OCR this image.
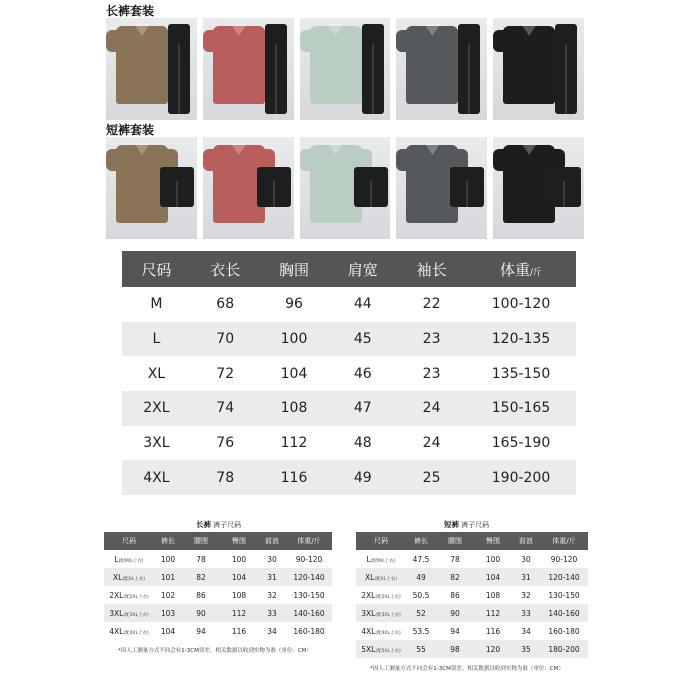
长裤套装
短裤套装
尺码	衣长	胸围	肩宽	袖长	体重/斤
M	68	96	44	22	100-120
L	70	100	45	23	120-135
XL	72	104	46	23	135-150
2XL	74	108	47	24	150-165
3XL	76	112	48	24	165-190
4XL	78	116	49	25	190-200
长裤 裤子尺码
尺码	裤长	腰围	臀围	前浪	体重/斤
L(配M/L上衣)	100	78	100	30	90-120
XL(配XL上衣)	101	82	104	31	120-140
2XL(配2XL上衣)	102	86	108	32	130-150
3XL(配3XL上衣)	103	90	112	33	140-160
4XL(配4XL上衣)	104	94	116	34	160-180
*因人工测量方式不同会有1-3CM误差。相关数据以收到实物为准（单位：CM）
短裤 裤子尺码
尺码	裤长	腰围	臀围	前浪	体重/斤
L(配M/L上衣)	47.5	78	100	30	90-120
XL(配XL上衣)	49	82	104	31	120-140
2XL(配2XL上衣)	50.5	86	108	32	130-150
3XL(配3XL上衣)	52	90	112	33	140-160
4XL(配4XL上衣)	53.5	94	116	34	160-180
5XL(配5XL上衣)	55	98	120	35	180-200
*因人工测量方式不同会有1-3CM误差。相关数据以收到实物为准（单位：CM）
